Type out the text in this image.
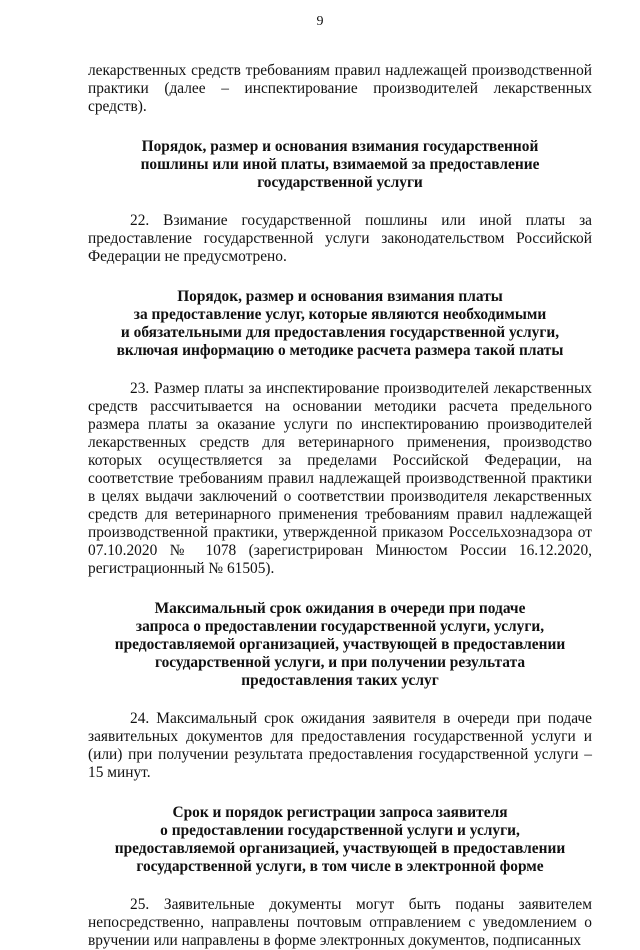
9

лекарственных средств требованиям правил надлежащей производственной практики (далее – инспектирование производителей лекарственных средств).

Порядок, размер и основания взимания государственной
пошлины или иной платы, взимаемой за предоставление
государственной услуги

22. Взимание государственной пошлины или иной платы за предоставление государственной услуги законодательством Российской Федерации не предусмотрено.

Порядок, размер и основания взимания платы
за предоставление услуг, которые являются необходимыми
и обязательными для предоставления государственной услуги,
включая информацию о методике расчета размера такой платы

23. Размер платы за инспектирование производителей лекарственных средств рассчитывается на основании методики расчета предельного размера платы за оказание услуги по инспектированию производителей лекарственных средств для ветеринарного применения, производство которых осуществляется за пределами Российской Федерации, на соответствие требованиям правил надлежащей производственной практики в целях выдачи заключений о соответствии производителя лекарственных средств для ветеринарного применения требованиям правил надлежащей производственной практики, утвержденной приказом Россельхознадзора от 07.10.2020 № 1078 (зарегистрирован Минюстом России 16.12.2020, регистрационный № 61505).

Максимальный срок ожидания в очереди при подаче
запроса о предоставлении государственной услуги, услуги,
предоставляемой организацией, участвующей в предоставлении
государственной услуги, и при получении результата
предоставления таких услуг

24. Максимальный срок ожидания заявителя в очереди при подаче заявительных документов для предоставления государственной услуги и (или) при получении результата предоставления государственной услуги – 15 минут.

Срок и порядок регистрации запроса заявителя
о предоставлении государственной услуги и услуги,
предоставляемой организацией, участвующей в предоставлении
государственной услуги, в том числе в электронной форме

25. Заявительные документы могут быть поданы заявителем непосредственно, направлены почтовым отправлением с уведомлением о вручении или направлены в форме электронных документов, подписанных
